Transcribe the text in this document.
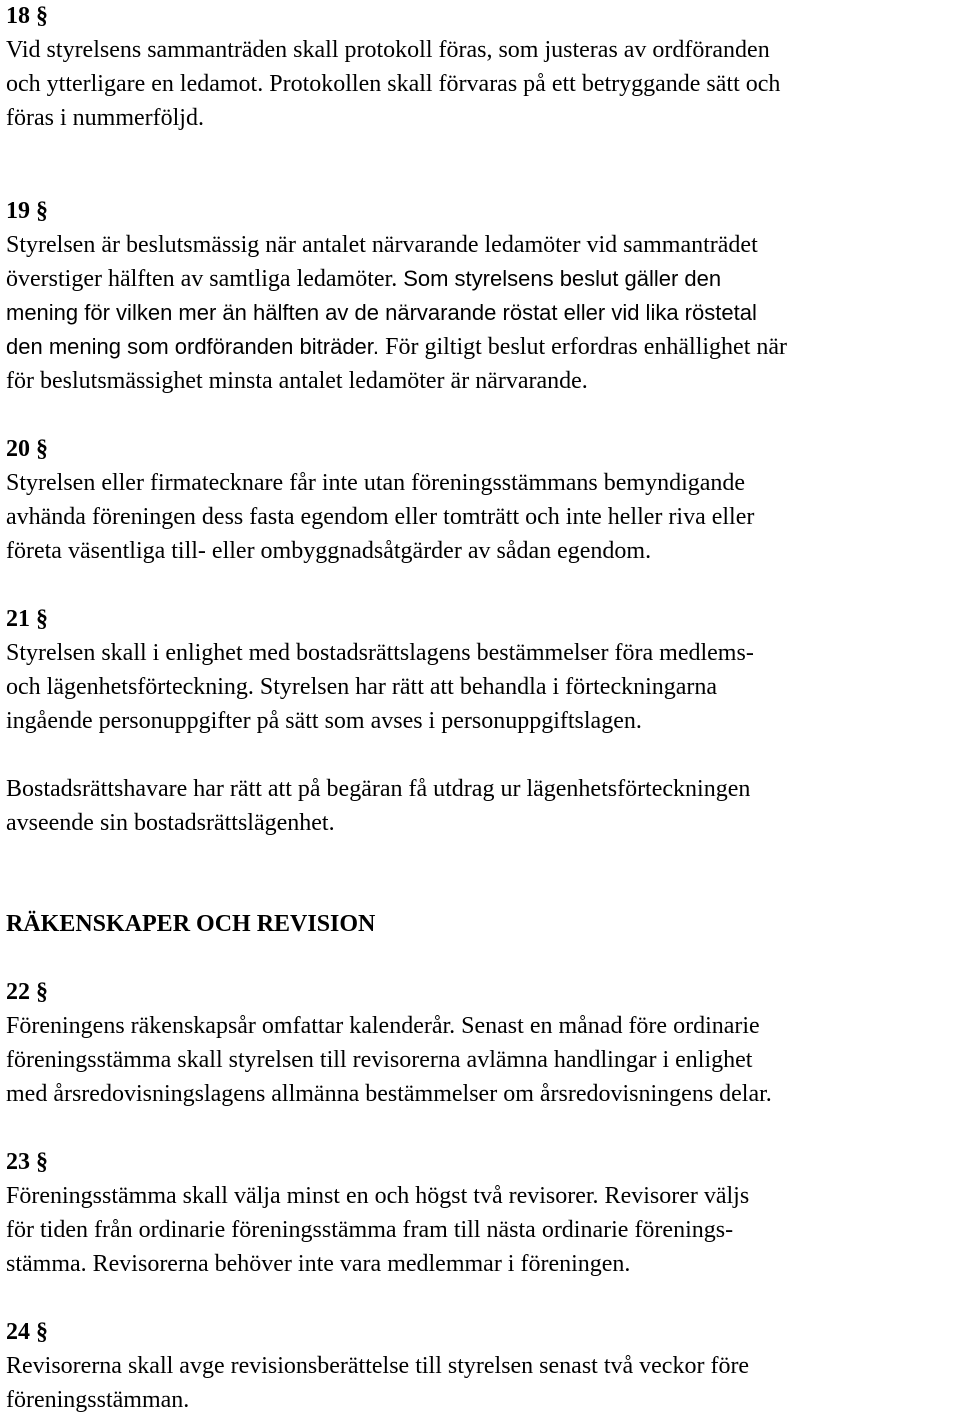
18 §

Vid styrelsens sammanträden skall protokoll föras, som justeras av ordföranden
och ytterligare en ledamot. Protokollen skall förvaras på ett betryggande sätt och
föras i nummerföljd.

19 §

Styrelsen är beslutsmässig när antalet närvarande ledamöter vid sammanträdet
överstiger hälften av samtliga ledamöter. Som styrelsens beslut gäller den
mening för vilken mer än hälften av de närvarande röstat eller vid lika röstetal
den mening som ordföranden biträder. För giltigt beslut erfordras enhällighet när
för beslutsmässighet minsta antalet ledamöter är närvarande.

20 §

Styrelsen eller firmatecknare får inte utan föreningsstämmans bemyndigande
avhända föreningen dess fasta egendom eller tomträtt och inte heller riva eller
företa väsentliga till- eller ombyggnadsåtgärder av sådan egendom.

21 §

Styrelsen skall i enlighet med bostadsrättslagens bestämmelser föra medlems-
och lägenhetsförteckning. Styrelsen har rätt att behandla i förteckningarna
ingående personuppgifter på sätt som avses i personuppgiftslagen.

Bostadsrättshavare har rätt att på begäran få utdrag ur lägenhetsförteckningen
avseende sin bostadsrättslägenhet.

RÄKENSKAPER OCH REVISION
22 §

Föreningens räkenskapsår omfattar kalenderår. Senast en månad före ordinarie
föreningsstämma skall styrelsen till revisorerna avlämna handlingar i enlighet
med årsredovisningslagens allmänna bestämmelser om årsredovisningens delar.

23 §

Föreningsstämma skall välja minst en och högst två revisorer. Revisorer väljs
för tiden från ordinarie föreningsstämma fram till nästa ordinarie förenings-
stämma. Revisorerna behöver inte vara medlemmar i föreningen.

24 §

Revisorerna skall avge revisionsberättelse till styrelsen senast två veckor före
föreningsstämman.
